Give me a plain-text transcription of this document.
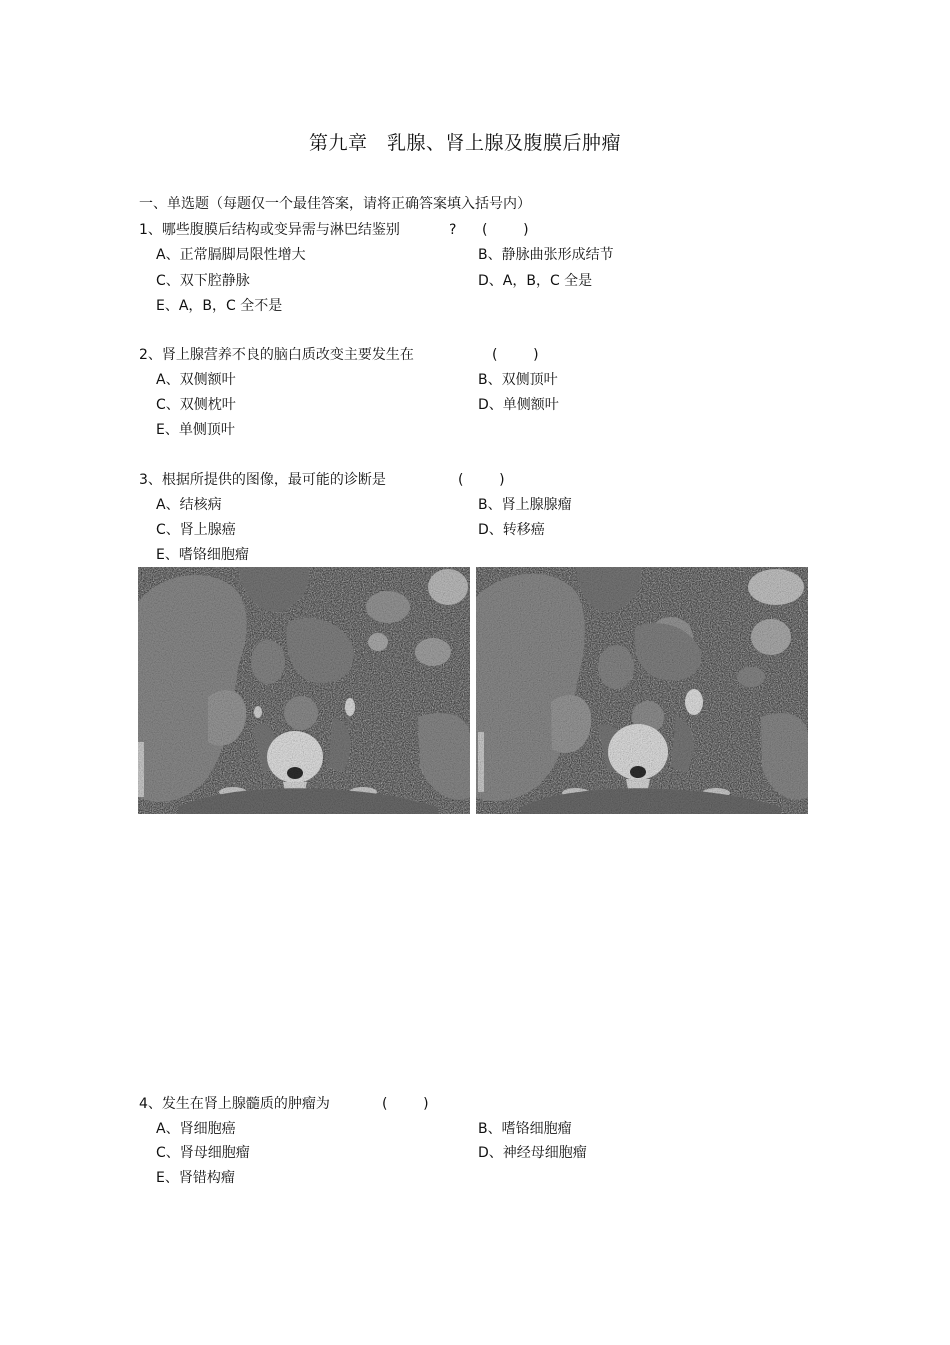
第九章   乳腺、肾上腺及腹膜后肿瘤
一、单选题（每题仅一个最佳答案，请将正确答案填入括号内）
1、哪些腹膜后结构或变异需与淋巴结鉴别	? (        )
A、正常膈脚局限性增大	B、静脉曲张形成结节
C、双下腔静脉	D、A，B，C 全是
E、A，B，C 全不是
2、肾上腺营养不良的脑白质改变主要发生在	(        )
A、双侧额叶	B、双侧顶叶
C、双侧枕叶	D、单侧额叶
E、单侧顶叶
3、根据所提供的图像，最可能的诊断是	(        )
A、结核病	B、肾上腺腺瘤
C、肾上腺癌	D、转移癌
E、嗜铬细胞瘤
4、发生在肾上腺髓质的肿瘤为	(        )
A、肾细胞癌	B、嗜铬细胞瘤
C、肾母细胞瘤	D、神经母细胞瘤
E、肾错构瘤
